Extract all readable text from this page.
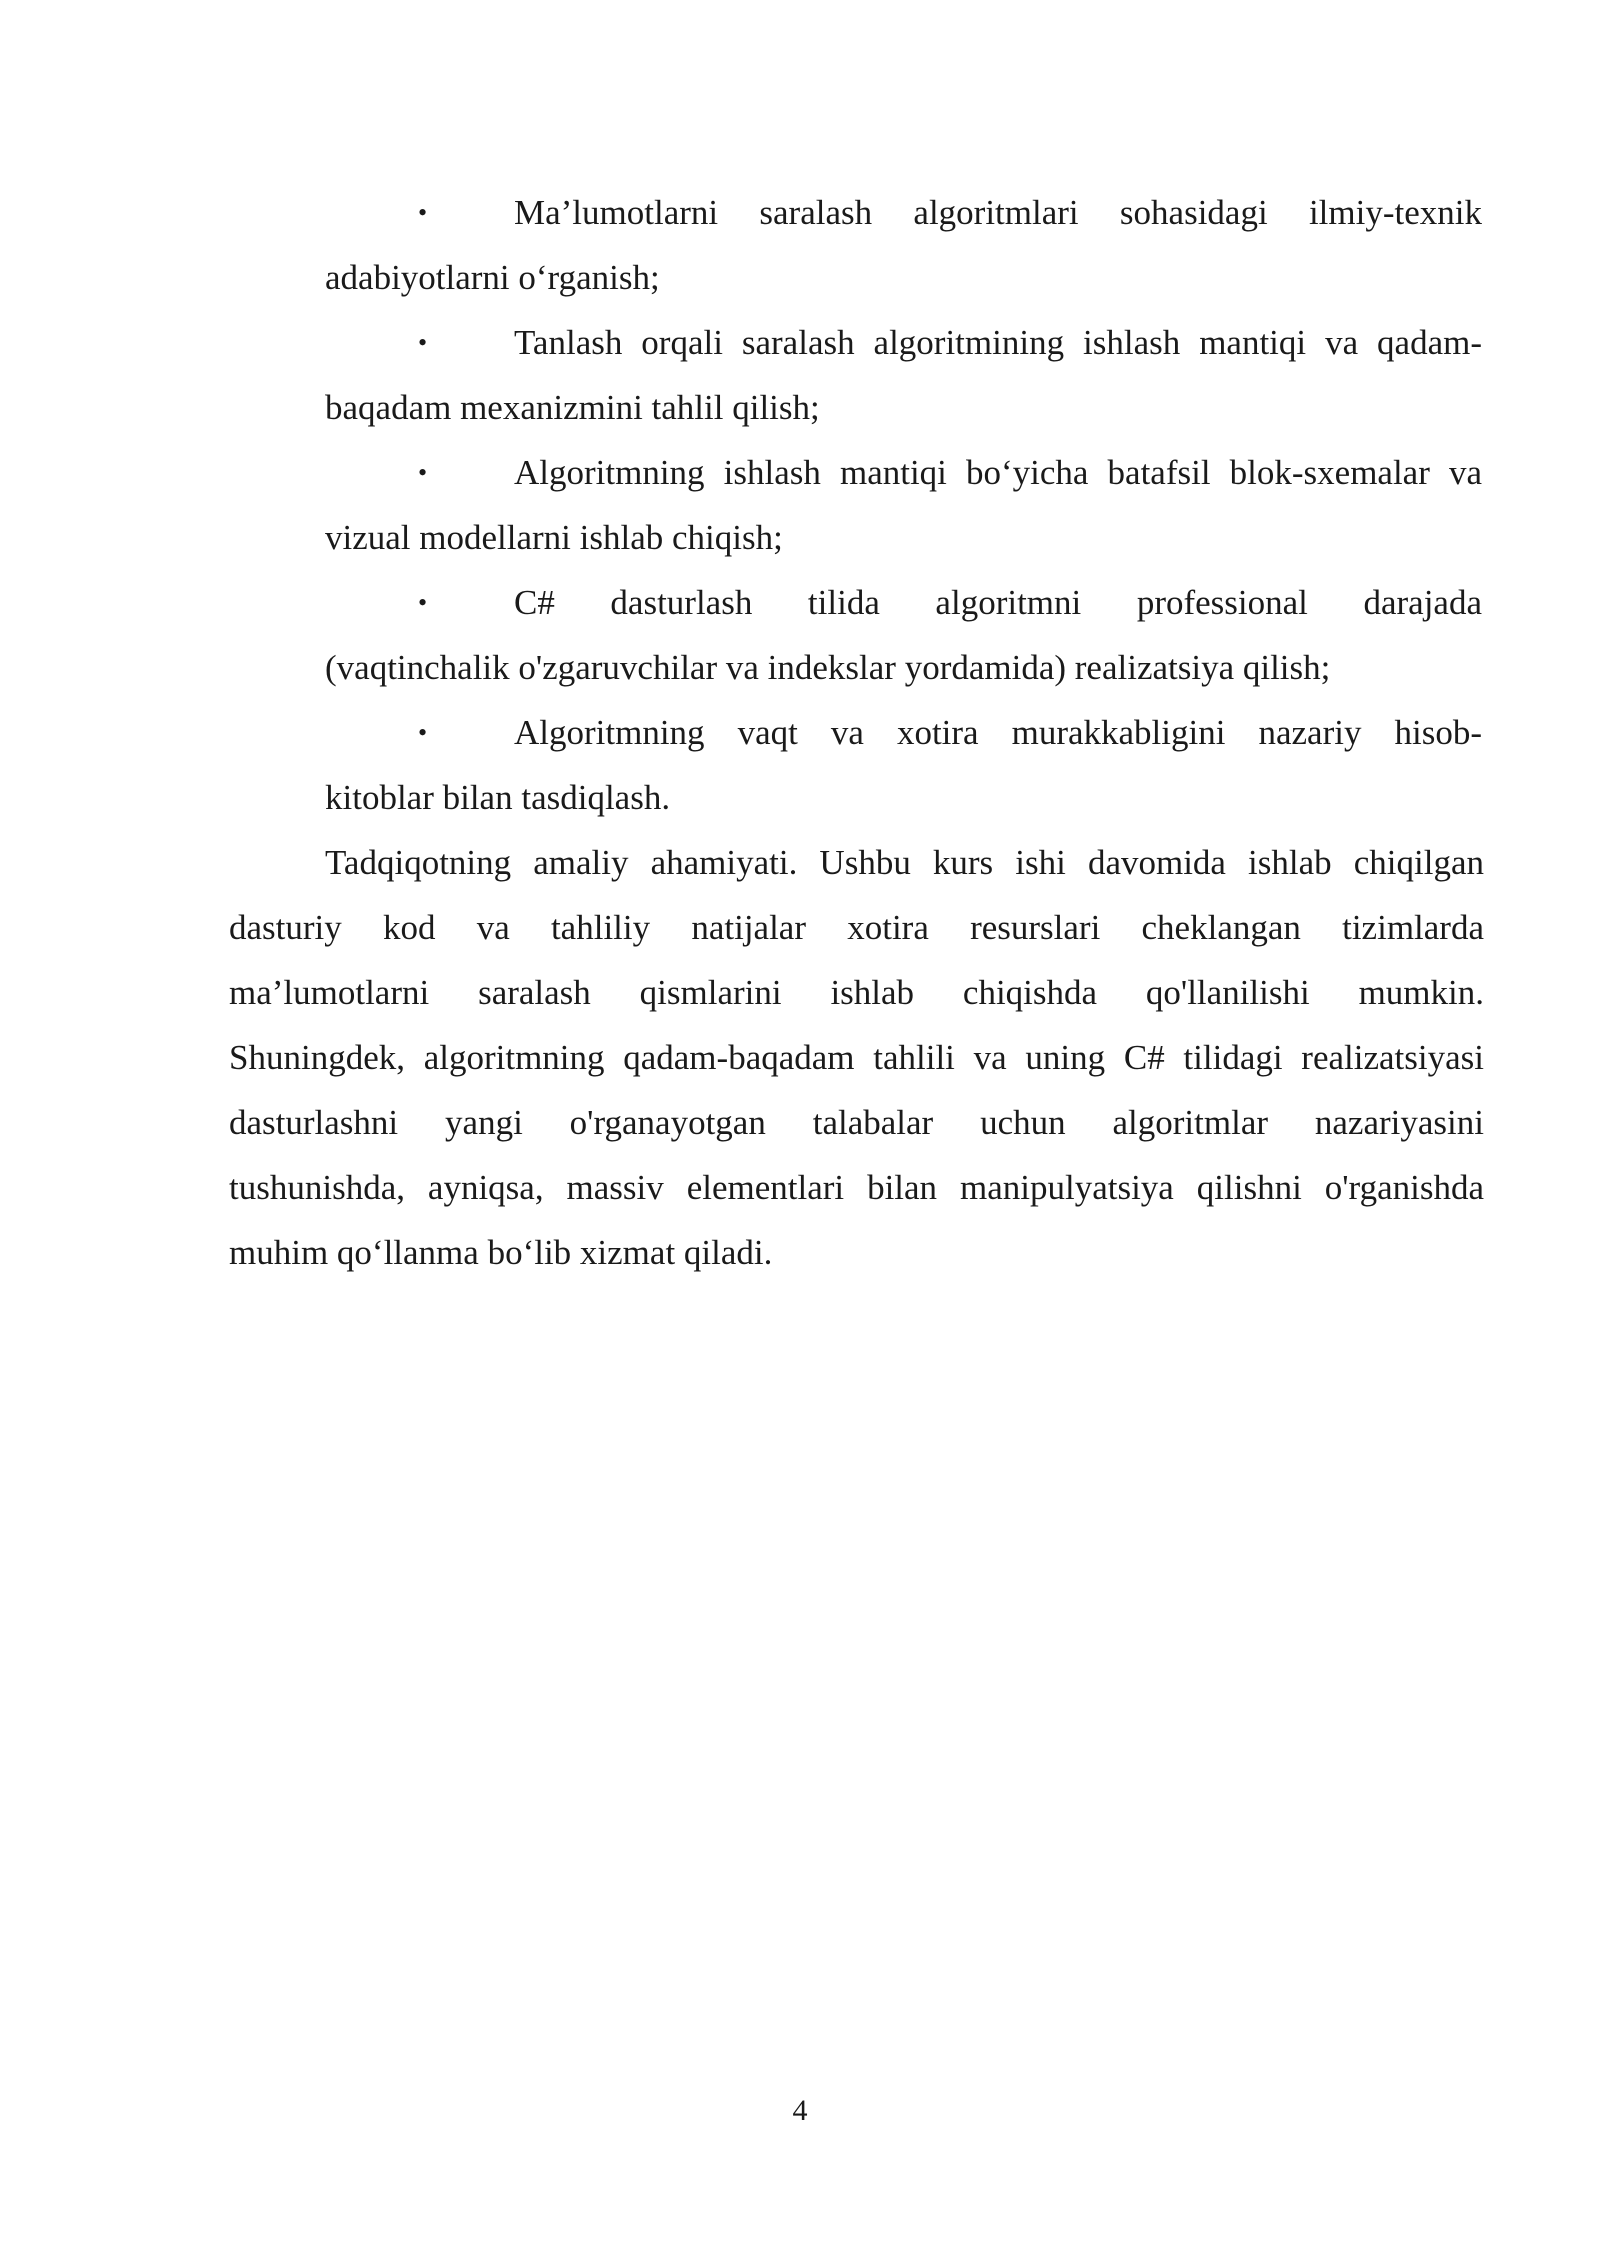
• Ma’lumotlarni saralash algoritmlari sohasidagi ilmiy-texnik
adabiyotlarni o‘rganish;
• Tanlash orqali saralash algoritmining ishlash mantiqi va qadam-
baqadam mexanizmini tahlil qilish;
• Algoritmning ishlash mantiqi bo‘yicha batafsil blok-sxemalar va
vizual modellarni ishlab chiqish;
• C# dasturlash tilida algoritmni professional darajada
(vaqtinchalik o'zgaruvchilar va indekslar yordamida) realizatsiya qilish;
• Algoritmning vaqt va xotira murakkabligini nazariy hisob-
kitoblar bilan tasdiqlash.
Tadqiqotning amaliy ahamiyati. Ushbu kurs ishi davomida ishlab chiqilgan
dasturiy kod va tahliliy natijalar xotira resurslari cheklangan tizimlarda
ma’lumotlarni saralash qismlarini ishlab chiqishda qo'llanilishi mumkin.
Shuningdek, algoritmning qadam-baqadam tahlili va uning C# tilidagi realizatsiyasi
dasturlashni yangi o'rganayotgan talabalar uchun algoritmlar nazariyasini
tushunishda, ayniqsa, massiv elementlari bilan manipulyatsiya qilishni o'rganishda
muhim qo‘llanma bo‘lib xizmat qiladi.
4
